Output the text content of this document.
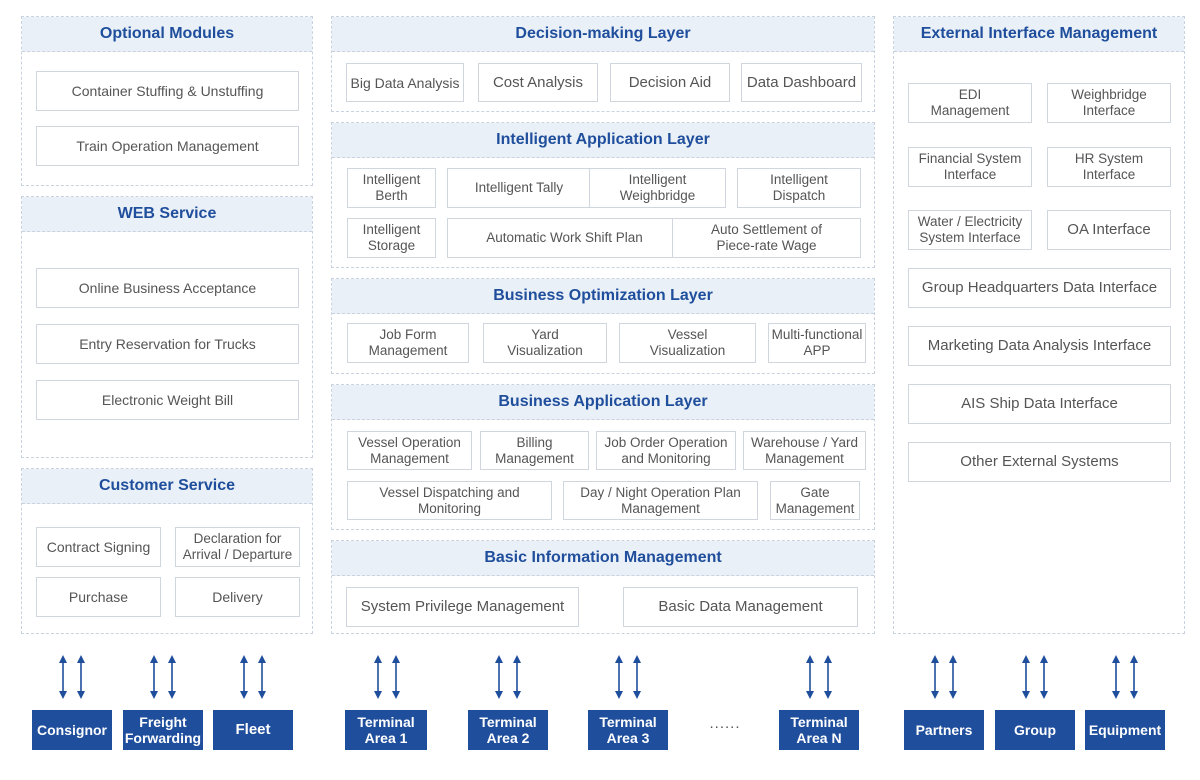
Optional Modules
Container Stuffing & Unstuffing
Train Operation Management
WEB Service
Online Business Acceptance
Entry Reservation for Trucks
Electronic Weight Bill
Customer Service
Contract Signing
Declaration for Arrival / Departure
Purchase	Delivery
Decision-making Layer
Big Data Analysis	Cost Analysis	Decision Aid	Data Dashboard
Intelligent Application Layer
Intelligent Berth
Intelligent Tally
Intelligent Weighbridge
Intelligent Dispatch
Intelligent Storage
Automatic Work Shift Plan
Auto Settlement of Piece-rate Wage
Business Optimization Layer
Job Form Management
Yard Visualization
Vessel Visualization
Multi-functional APP
Business Application Layer
Vessel Operation Management
Billing Management
Job Order Operation and Monitoring
Warehouse / Yard Management
Vessel Dispatching and Monitoring
Day / Night Operation Plan Management
Gate Management
Basic Information Management
System Privilege Management	Basic Data Management
External Interface Management
EDI Management
Weighbridge Interface
Financial System Interface
HR System Interface
Water / Electricity System Interface	OA Interface
Group Headquarters Data Interface
Marketing Data Analysis Interface
AIS Ship Data Interface
Other External Systems
Consignor	Freight Forwarding	Fleet	Terminal Area 1
Terminal Area 2
Terminal Area 3
......	Terminal Area N	Partners	Group	Equipment
